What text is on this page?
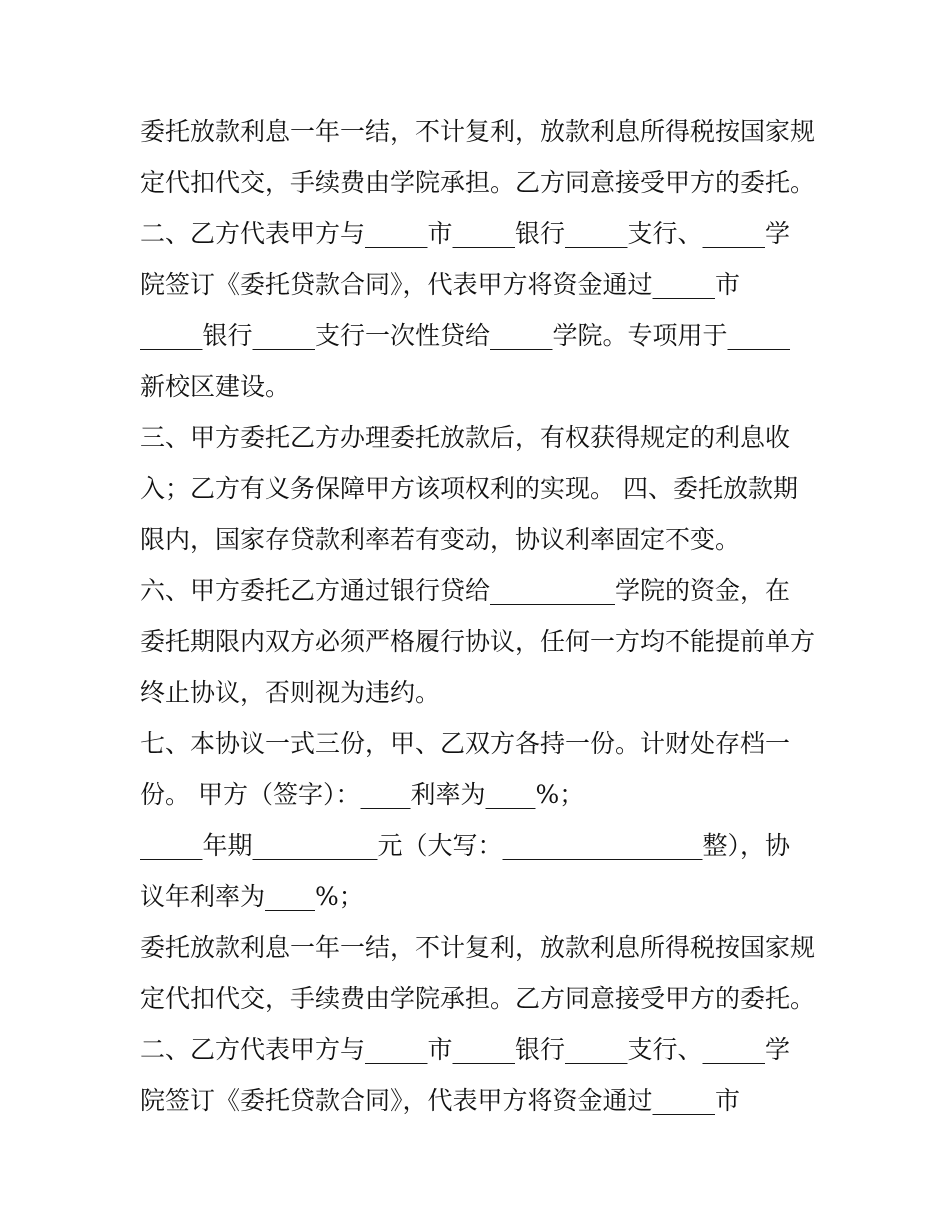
委托放款利息一年一结，不计复利，放款利息所得税按国家规
定代扣代交，手续费由学院承担。乙方同意接受甲方的委托。
二、乙方代表甲方与_____市_____银行_____支行、_____学
院签订《委托贷款合同》，代表甲方将资金通过_____市
_____银行_____支行一次性贷给_____学院。专项用于_____
新校区建设。
三、甲方委托乙方办理委托放款后，有权获得规定的利息收
入；乙方有义务保障甲方该项权利的实现。 四、委托放款期
限内，国家存贷款利率若有变动，协议利率固定不变。
六、甲方委托乙方通过银行贷给__________学院的资金，在
委托期限内双方必须严格履行协议，任何一方均不能提前单方
终止协议，否则视为违约。
七、本协议一式三份，甲、乙双方各持一份。计财处存档一
份。 甲方（签字）：____利率为____%；
_____年期__________元（大写：________________整），协
议年利率为____%；
委托放款利息一年一结，不计复利，放款利息所得税按国家规
定代扣代交，手续费由学院承担。乙方同意接受甲方的委托。
二、乙方代表甲方与_____市_____银行_____支行、_____学
院签订《委托贷款合同》，代表甲方将资金通过_____市
